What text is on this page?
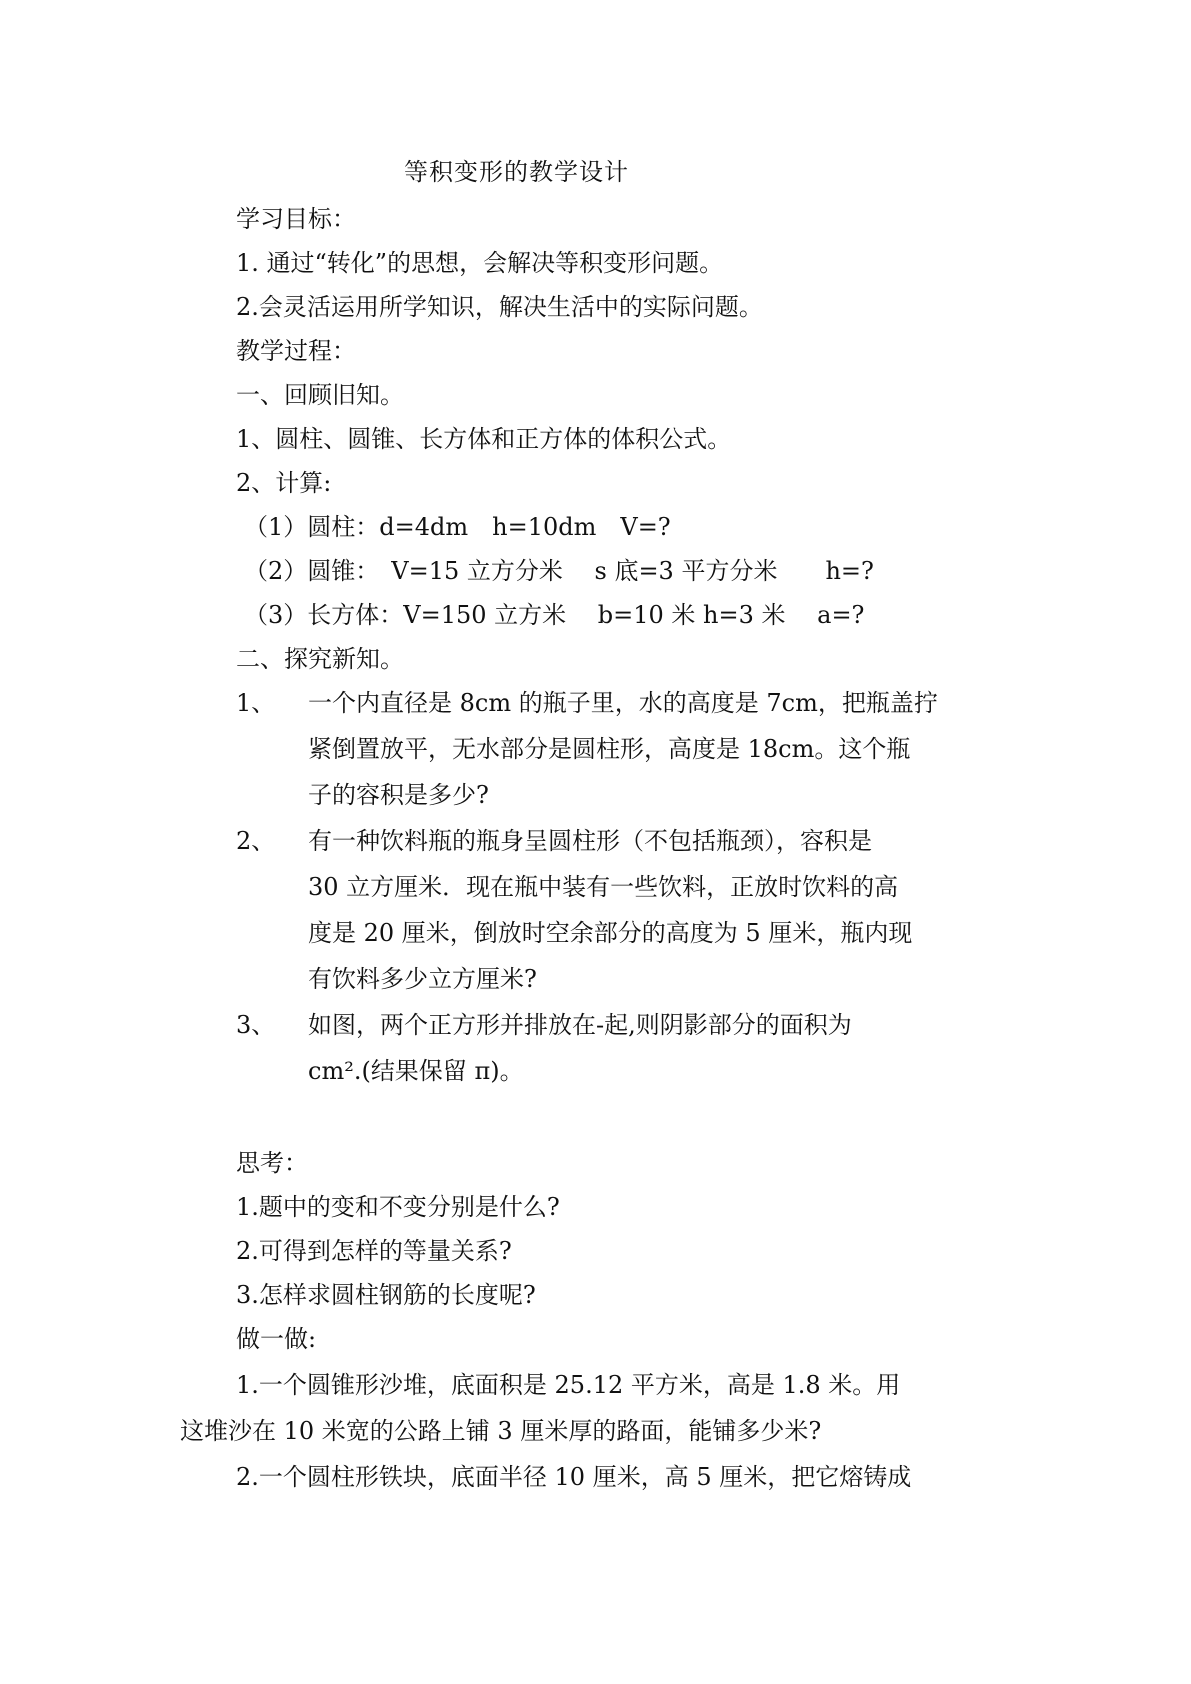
等积变形的教学设计
学习目标：
1. 通过“转化”的思想，会解决等积变形问题。
2.会灵活运用所学知识，解决生活中的实际问题。
教学过程：
一、回顾旧知。
1、圆柱、圆锥、长方体和正方体的体积公式。
2、计算:
（1）圆柱：d=4dm　h=10dm　V=?
（2）圆锥：　V=15 立方分米　 s 底=3 平方分米　　h=?
（3）长方体：V=150 立方米　 b=10 米 h=3 米　 a=?
二、探究新知。
1、 一个内直径是 8cm 的瓶子里，水的高度是 7cm，把瓶盖拧
紧倒置放平，无水部分是圆柱形，高度是 18cm。这个瓶
子的容积是多少?
2、 有一种饮料瓶的瓶身呈圆柱形（不包括瓶颈），容积是
30 立方厘米．现在瓶中装有一些饮料，正放时饮料的高
度是 20 厘米，倒放时空余部分的高度为 5 厘米，瓶内现
有饮料多少立方厘米?
3、 如图，两个正方形并排放在-起,则阴影部分的面积为
cm².(结果保留 π)。
思考：
1.题中的变和不变分别是什么?
2.可得到怎样的等量关系?
3.怎样求圆柱钢筋的长度呢?
做一做:
1.一个圆锥形沙堆，底面积是 25.12 平方米，高是 1.8 米。用
这堆沙在 10 米宽的公路上铺 3 厘米厚的路面，能铺多少米?
2.一个圆柱形铁块，底面半径 10 厘米，高 5 厘米，把它熔铸成
